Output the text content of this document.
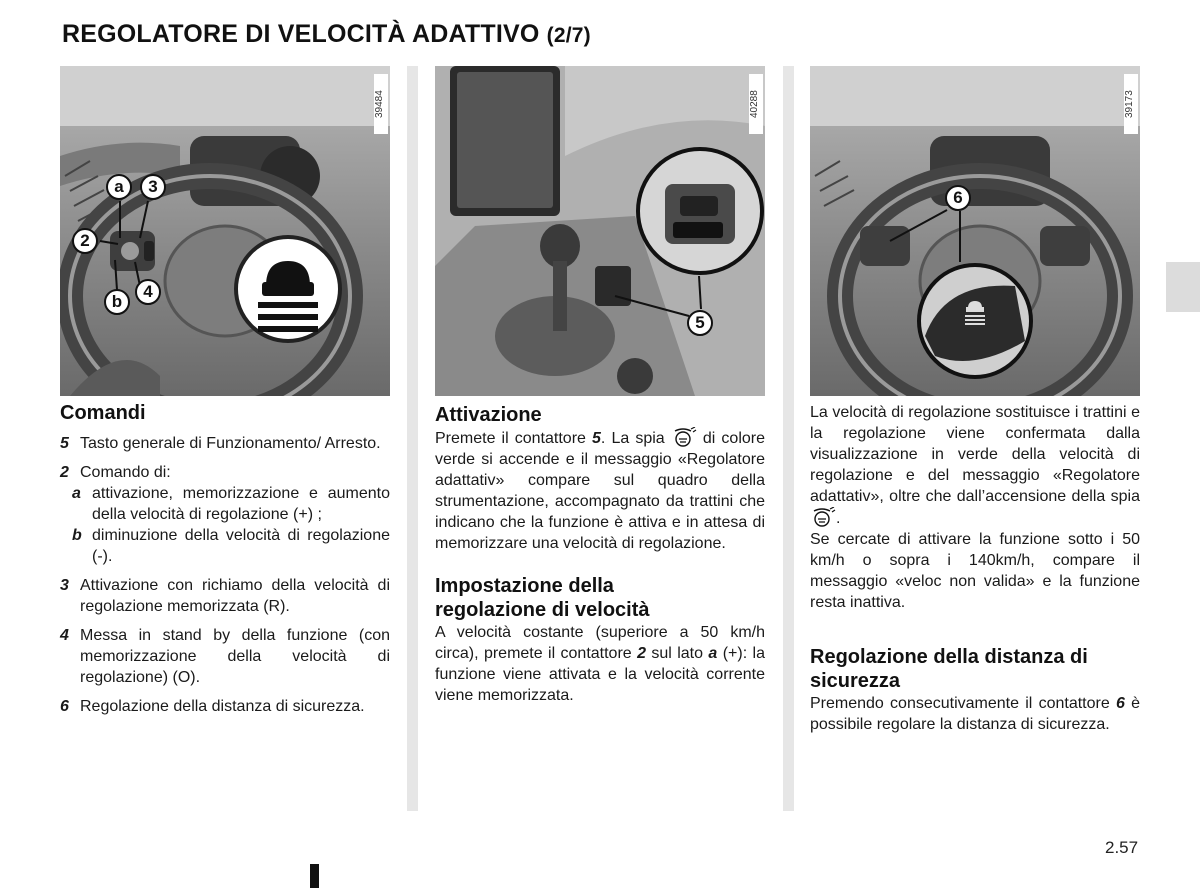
REGOLATORE DI VELOCITÀ ADATTIVO (2/7)
a	3
2
b
4
39484
5
40288
6
39173
Comandi
5 Tasto generale di Funzionamento/ Arresto.
2 Comando di:
a attivazione, memorizzazione e aumento della velocità di regolazione (+) ;
b diminuzione della velocità di regolazione (-).
3 Attivazione con richiamo della velocità di regolazione memorizzata (R).
4 Messa in stand by della funzione (con memorizzazione della velocità di regolazione) (O).
6 Regolazione della distanza di sicurezza.
Attivazione

Premete il contattore 5. La spia  di colore verde si accende e il messaggio «Regolatore adattativ» compare sul quadro della strumentazione, accompagnato da trattini che indicano che la funzione è attiva e in attesa di memorizzare una velocità di regolazione.

Impostazione della regolazione di velocità

A velocità costante (superiore a 50 km/h circa), premete il contattore 2 sul lato a (+): la funzione viene attivata e la velocità corrente viene memorizzata.

La velocità di regolazione sostituisce i trattini e la regolazione viene confermata dalla visualizzazione in verde della velocità di regolazione e del messaggio «Regolatore adattativ», oltre che dall’accensione della spia .

Se cercate di attivare la funzione sotto i 50 km/h o sopra i 140km/h, compare il messaggio «veloc non valida» e la funzione resta inattiva.

Regolazione della distanza di sicurezza

Premendo consecutivamente il contattore 6 è possibile regolare la distanza di sicurezza.

2.57
